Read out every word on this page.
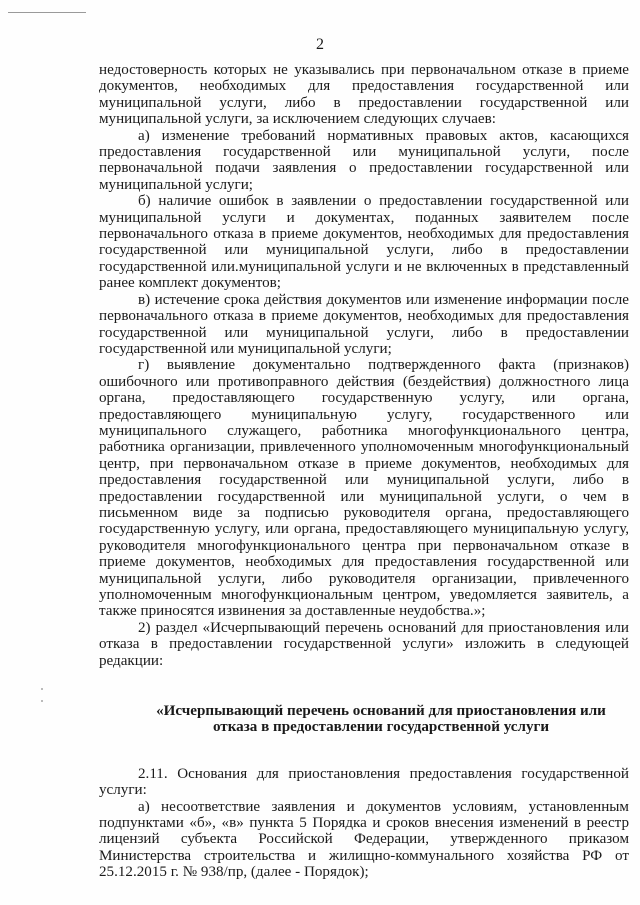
2

недостоверность которых не указывались при первоначальном отказе в приеме документов, необходимых для предоставления государственной или муниципальной услуги, либо в предоставлении государственной или муниципальной услуги, за исключением следующих случаев:

а) изменение требований нормативных правовых актов, касающихся предоставления государственной или муниципальной услуги, после первоначальной подачи заявления о предоставлении государственной или муниципальной услуги;

б) наличие ошибок в заявлении о предоставлении государственной или муниципальной услуги и документах, поданных заявителем после первоначального отказа в приеме документов, необходимых для предоставления государственной или муниципальной услуги, либо в предоставлении государственной или.муниципальной услуги и не включенных в представленный ранее комплект документов;

в) истечение срока действия документов или изменение информации после первоначального отказа в приеме документов, необходимых для предоставления государственной или муниципальной услуги, либо в предоставлении государственной или муниципальной услуги;

г) выявление документально подтвержденного факта (признаков) ошибочного или противоправного действия (бездействия) должностного лица органа, предоставляющего государственную услугу, или органа, предоставляющего муниципальную услугу, государственного или муниципального служащего, работника многофункционального центра, работника организации, привлеченного уполномоченным многофункциональный центр, при первоначальном отказе в приеме документов, необходимых для предоставления государственной или муниципальной услуги, либо в предоставлении государственной или муниципальной услуги, о чем в письменном виде за подписью руководителя органа, предоставляющего государственную услугу, или органа, предоставляющего муниципальную услугу, руководителя многофункционального центра при первоначальном отказе в приеме документов, необходимых для предоставления государственной или муниципальной услуги, либо руководителя организации, привлеченного уполномоченным многофункциональным центром, уведомляется заявитель, а также приносятся извинения за доставленные неудобства.»;

2) раздел «Исчерпывающий перечень оснований для приостановления или отказа в предоставлении государственной услуги» изложить в следующей редакции:

«Исчерпывающий перечень оснований для приостановления или отказа в предоставлении государственной услуги

2.11. Основания для приостановления предоставления государственной услуги:

а) несоответствие заявления и документов условиям, установленным подпунктами «б», «в» пункта 5 Порядка и сроков внесения изменений в реестр лицензий субъекта Российской Федерации, утвержденного приказом Министерства строительства и жилищно-коммунального хозяйства РФ от 25.12.2015 г. № 938/пр, (далее - Порядок);
